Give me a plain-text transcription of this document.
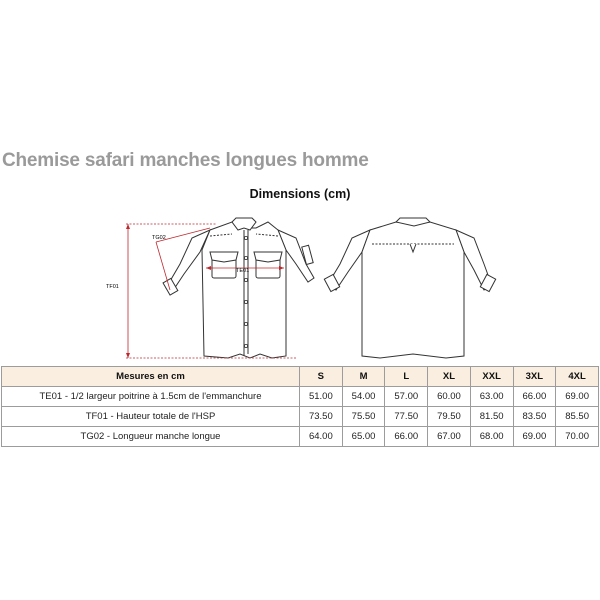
Chemise safari manches longues homme
Dimensions (cm)
TF01
TE01
TG02
Mesures en cm	S	M	L	XL	XXL	3XL	4XL
TE01 - 1/2 largeur poitrine à 1.5cm de l'emmanchure	51.00	54.00	57.00	60.00	63.00	66.00	69.00
TF01 - Hauteur totale de l'HSP	73.50	75.50	77.50	79.50	81.50	83.50	85.50
TG02 - Longueur manche longue	64.00	65.00	66.00	67.00	68.00	69.00	70.00
